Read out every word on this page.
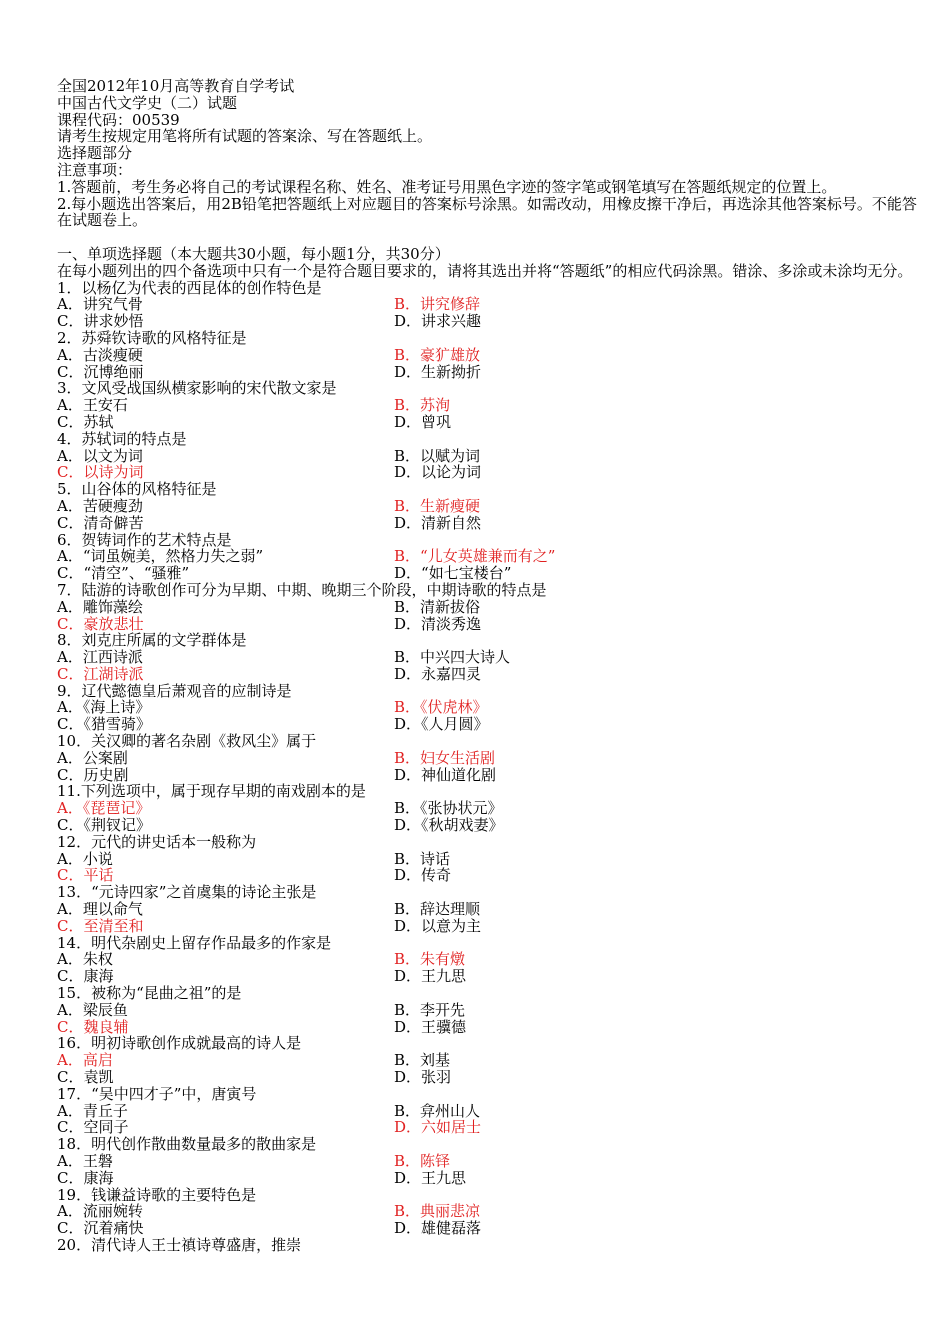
全国2012年10月高等教育自学考试
中国古代文学史（二）试题
课程代码：00539
请考生按规定用笔将所有试题的答案涂、写在答题纸上。
选择题部分
注意事项：
1.答题前，考生务必将自己的考试课程名称、姓名、准考证号用黑色字迹的签字笔或钢笔填写在答题纸规定的位置上。
2.每小题选出答案后，用2B铅笔把答题纸上对应题目的答案标号涂黑。如需改动，用橡皮擦干净后，再选涂其他答案标号。不能答在试题卷上。
一、单项选择题（本大题共30小题，每小题1分，共30分）
在每小题列出的四个备选项中只有一个是符合题目要求的，请将其选出并将“答题纸”的相应代码涂黑。错涂、多涂或未涂均无分。
1．以杨亿为代表的西昆体的创作特色是
A．讲究气骨	B．讲究修辞
C．讲求妙悟	D．讲求兴趣
2．苏舜钦诗歌的风格特征是
A．古淡瘦硬	B．豪犷雄放
C．沉博绝丽	D．生新拗折
3．文风受战国纵横家影响的宋代散文家是
A．王安石	B．苏洵
C．苏轼	D．曾巩
4．苏轼词的特点是
A．以文为词	B．以赋为词
C．以诗为词	D．以论为词
5．山谷体的风格特征是
A．苦硬瘦劲	B．生新瘦硬
C．清奇僻苦	D．清新自然
6．贺铸词作的艺术特点是
A．“词虽婉美，然格力失之弱”	B．“儿女英雄兼而有之”
C．“清空”、“骚雅”	D．“如七宝楼台”
7．陆游的诗歌创作可分为早期、中期、晚期三个阶段，中期诗歌的特点是
A．雕饰藻绘	B．清新拔俗
C．豪放悲壮	D．清淡秀逸
8．刘克庄所属的文学群体是
A．江西诗派	B．中兴四大诗人
C．江湖诗派	D．永嘉四灵
9．辽代懿德皇后萧观音的应制诗是
A．《海上诗》	B．《伏虎林》
C．《猎雪骑》	D．《人月圆》
10．关汉卿的著名杂剧《救风尘》属于
A．公案剧	B．妇女生活剧
C．历史剧	D．神仙道化剧
11.下列选项中，属于现存早期的南戏剧本的是
A．《琵琶记》	B．《张协状元》
C．《荆钗记》	D．《秋胡戏妻》
12．元代的讲史话本一般称为
A．小说	B．诗话
C．平话	D．传奇
13．“元诗四家”之首虞集的诗论主张是
A．理以命气	B．辞达理顺
C．至清至和	D．以意为主
14．明代杂剧史上留存作品最多的作家是
A．朱权	B．朱有燉
C．康海	D．王九思
15．被称为“昆曲之祖”的是
A．梁辰鱼	B．李开先
C．魏良辅	D．王骥德
16．明初诗歌创作成就最高的诗人是
A．高启	B．刘基
C．袁凯	D．张羽
17．“吴中四才子”中，唐寅号
A．青丘子	B．弇州山人
C．空同子	D．六如居士
18．明代创作散曲数量最多的散曲家是
A．王磐	B．陈铎
C．康海	D．王九思
19．钱谦益诗歌的主要特色是
A．流丽婉转	B．典丽悲凉
C．沉着痛快	D．雄健磊落
20．清代诗人王士禛诗尊盛唐，推崇
